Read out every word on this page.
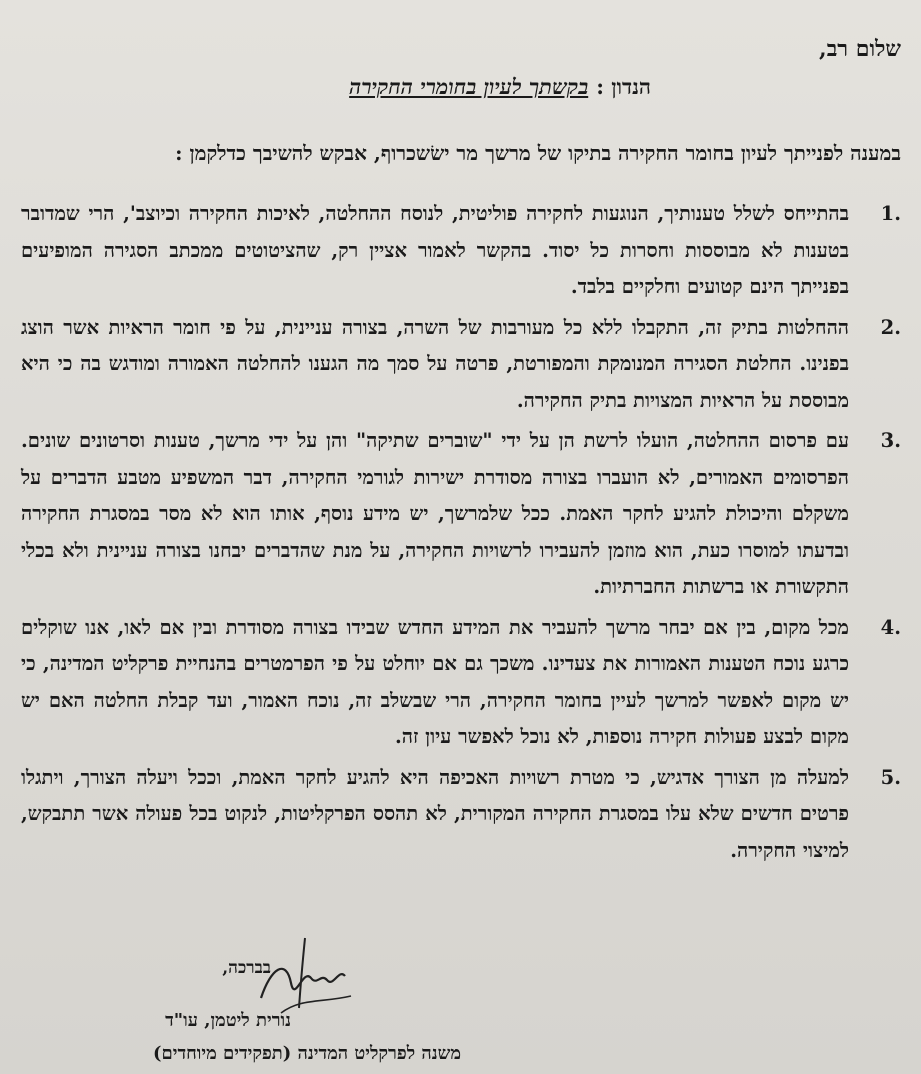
שלום רב,
הנדון :בקשתך לעיון בחומרי החקירה
במענה לפנייתך לעיון בחומר החקירה בתיקו של מרשך מר ישׂשכרוף, אבקש להשיבך כדלקמן :
1.
בהתייחס לשלל טענותיך, הנוגעות לחקירה פוליטית, לנוסח ההחלטה, לאיכות החקירה וכיוצב', הרי שמדובר בטענות לא מבוססות וחסרות כל יסוד. בהקשר לאמור אציין רק, שהציטוטים ממכתב הסגירה המופיעים בפנייתך הינם קטועים וחלקיים בלבד.
2.
ההחלטות בתיק זה, התקבלו ללא כל מעורבות של השרה, בצורה עניינית, על פי חומר הראיות אשר הוצג בפנינו. החלטת הסגירה המנומקת והמפורטת, פרטה על סמך מה הגענו להחלטה האמורה ומודגש בה כי היא מבוססת על הראיות המצויות בתיק החקירה.
3.
עם פרסום ההחלטה, הועלו לרשת הן על ידי "שוברים שתיקה" והן על ידי מרשך, טענות וסרטונים שונים. הפרסומים האמורים, לא הועברו בצורה מסודרת ישירות לגורמי החקירה, דבר המשפיע מטבע הדברים על משקלם והיכולת להגיע לחקר האמת. ככל שלמרשך, יש מידע נוסף, אותו הוא לא מסר במסגרת החקירה ובדעתו למוסרו כעת, הוא מוזמן להעבירו לרשויות החקירה, על מנת שהדברים יבחנו בצורה עניינית ולא בכלי התקשורת או ברשתות החברתיות.
4.
מכל מקום, בין אם יבחר מרשך להעביר את המידע החדש שבידו בצורה מסודרת ובין אם לאו, אנו שוקלים כרגע נוכח הטענות האמורות את צעדינו. משכך גם אם יוחלט על פי הפרמטרים בהנחיית פרקליט המדינה, כי יש מקום לאפשר למרשך לעיין בחומר החקירה, הרי שבשלב זה, נוכח האמור, ועד קבלת החלטה האם יש מקום לבצע פעולות חקירה נוספות, לא נוכל לאפשר עיון זה.
5.
למעלה מן הצורך אדגיש, כי מטרת רשויות האכיפה היא להגיע לחקר האמת, וככל ויעלה הצורך, ויתגלו פרטים חדשים שלא עלו במסגרת החקירה המקורית, לא תהסס הפרקליטות, לנקוט בכל פעולה אשר תתבקש, למיצוי החקירה.
בברכה,
נורית ליטמן, עו"ד
משנה לפרקליט המדינה (תפקידים מיוחדים)
